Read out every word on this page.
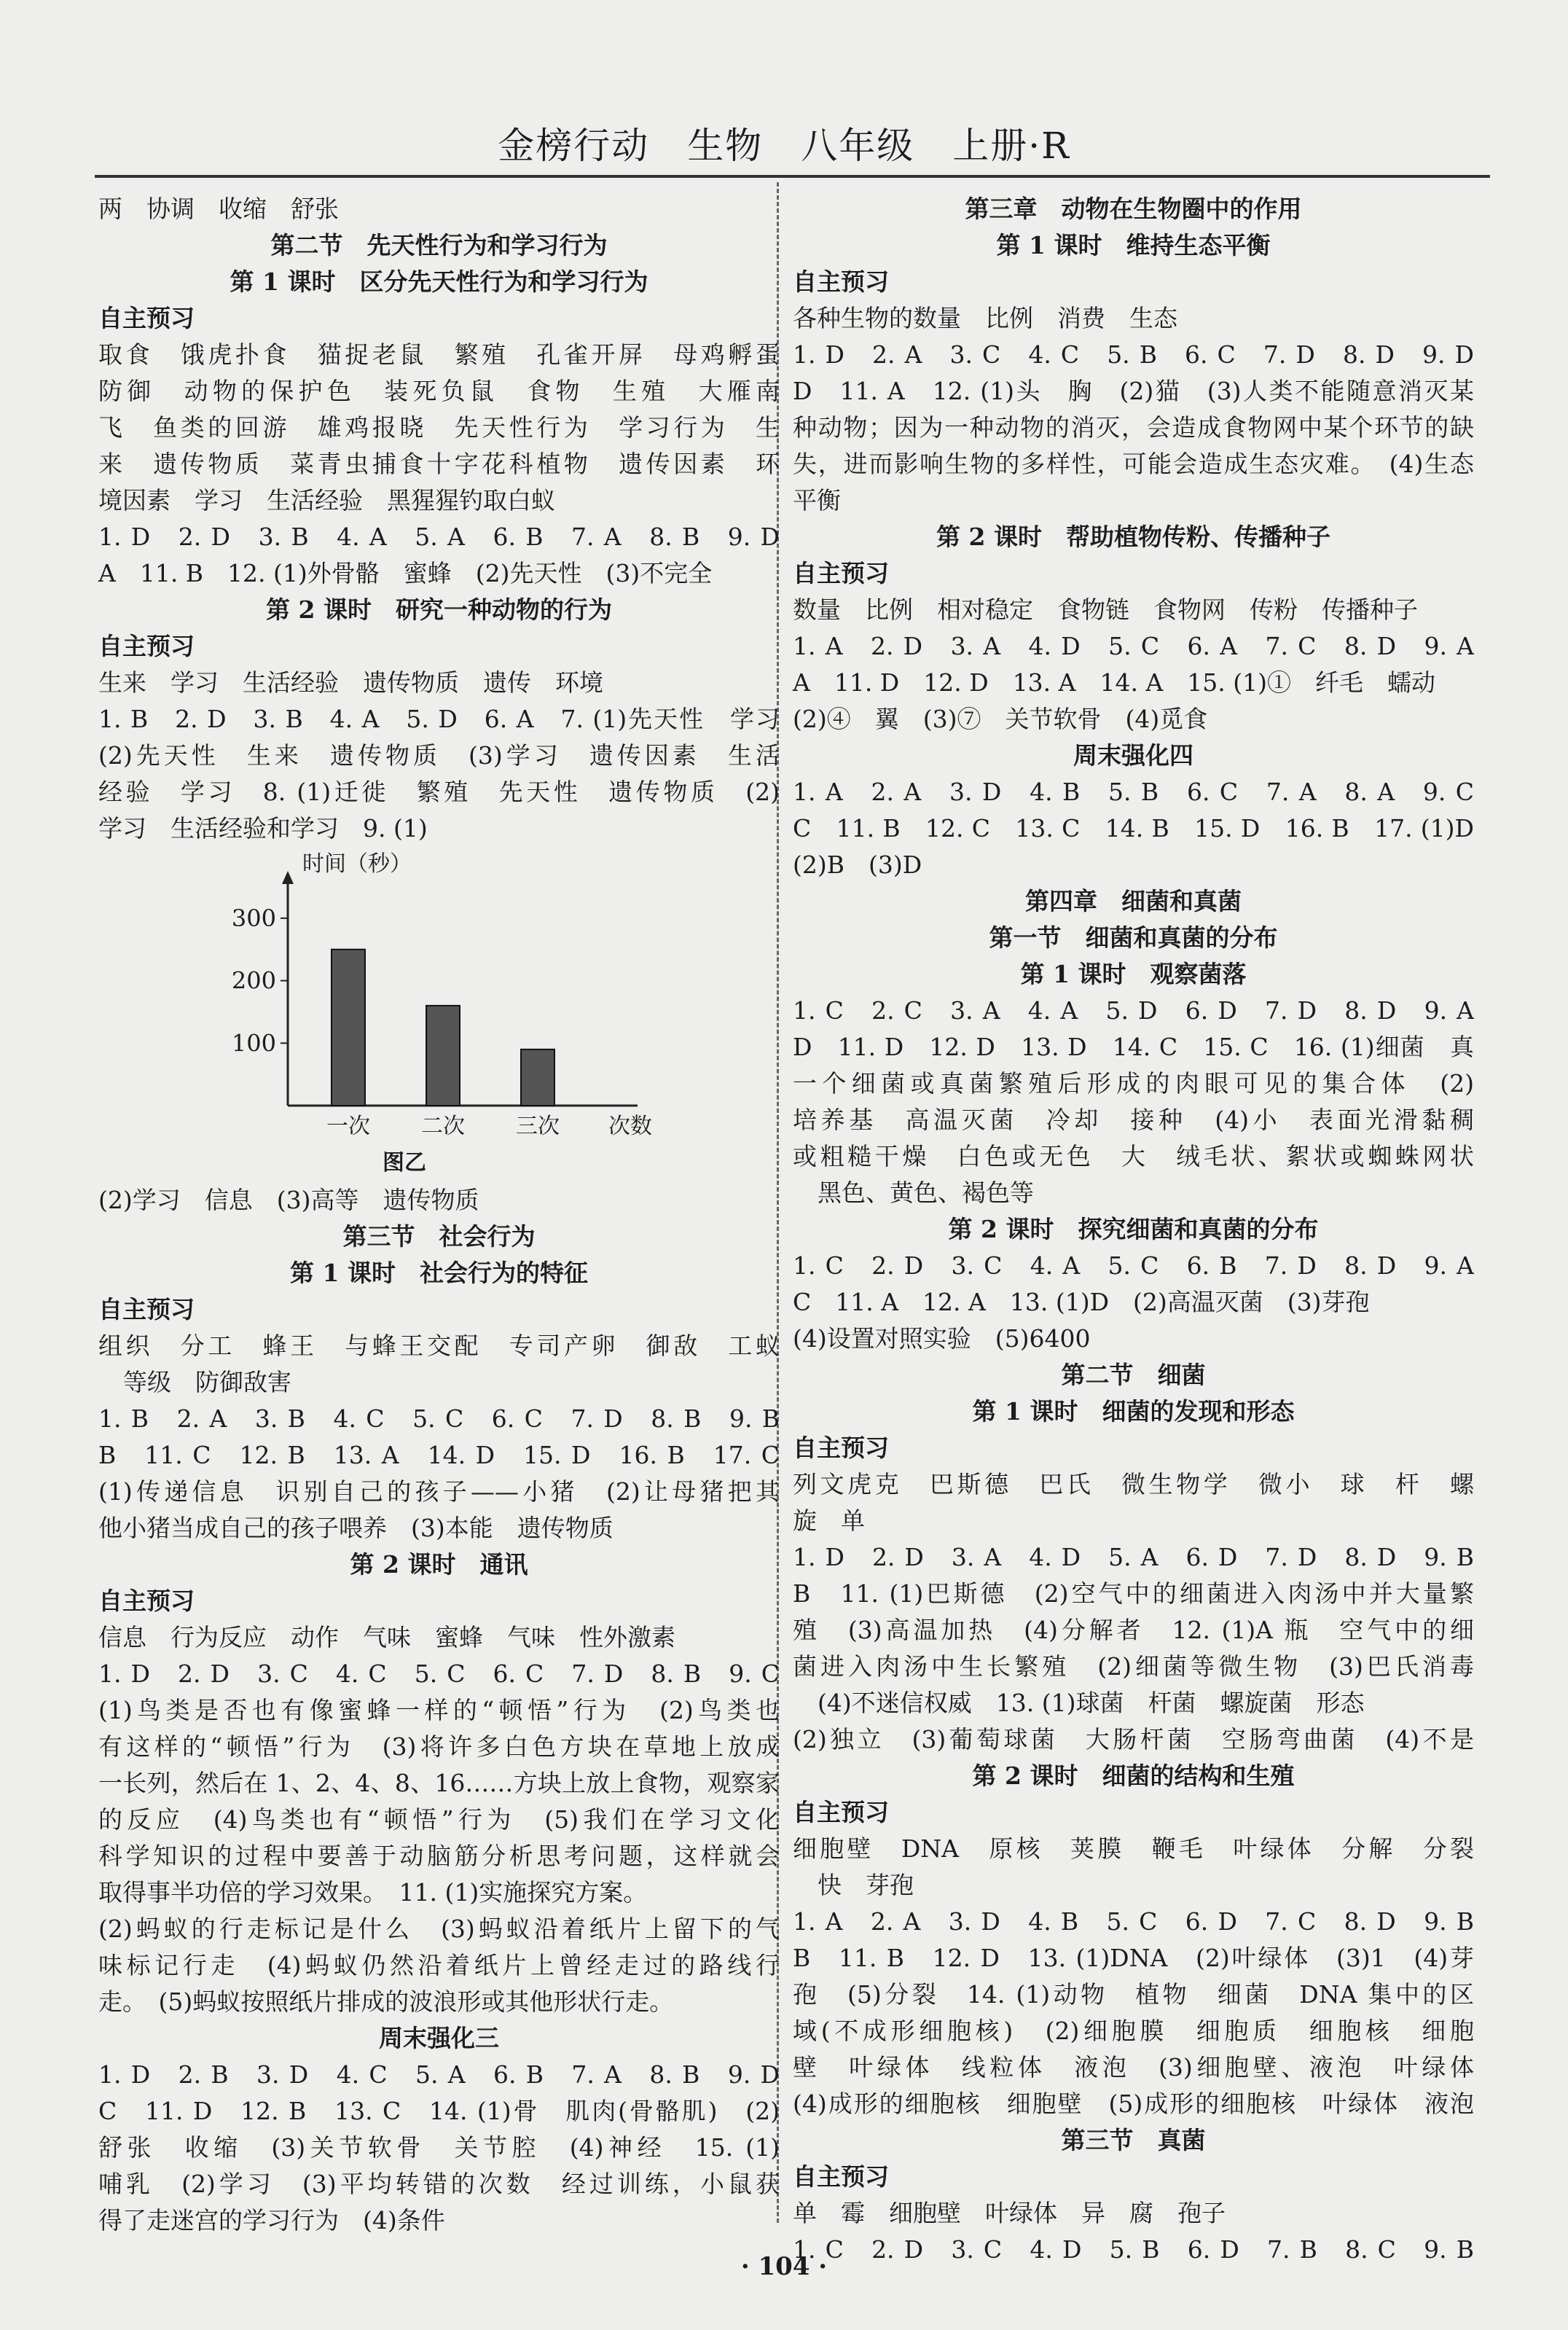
金榜行动　生物　八年级　上册·R
两　协调　收缩　舒张
第二节　先天性行为和学习行为
第 1 课时　区分先天性行为和学习行为
自主预习
取食　饿虎扑食　猫捉老鼠　繁殖　孔雀开屏　母鸡孵蛋
防御　动物的保护色　装死负鼠　食物　生殖　大雁南
飞　鱼类的回游　雄鸡报晓　先天性行为　学习行为　生
来　遗传物质　菜青虫捕食十字花科植物　遗传因素　环
境因素　学习　生活经验　黑猩猩钓取白蚁
1. D　2. D　3. B　4. A　5. A　6. B　7. A　8. B　9. D　
A　11. B　12. (1)外骨骼　蜜蜂　(2)先天性　(3)不完全
第 2 课时　研究一种动物的行为
自主预习
生来　学习　生活经验　遗传物质　遗传　环境
1. B　2. D　3. B　4. A　5. D　6. A　7. (1)先天性　学习
(2)先天性　生来　遗传物质　(3)学习　遗传因素　生活
经验　学习　8. (1)迁徙　繁殖　先天性　遗传物质　(2)
学习　生活经验和学习　9. (1)
100
200
300
时间（秒）
一次 二次 三次 次数
图乙
(2)学习　信息　(3)高等　遗传物质
第三节　社会行为
第 1 课时　社会行为的特征
自主预习
组织　分工　蜂王　与蜂王交配　专司产卵　御敌　工蚁
等级　防御敌害
1. B　2. A　3. B　4. C　5. C　6. C　7. D　8. B　9. B　
B　11. C　12. B　13. A　14. D　15. D　16. B　17. C　
(1)传递信息　识别自己的孩子——小猪　(2)让母猪把其
他小猪当成自己的孩子喂养　(3)本能　遗传物质
第 2 课时　通讯
自主预习
信息　行为反应　动作　气味　蜜蜂　气味　性外激素
1. D　2. D　3. C　4. C　5. C　6. C　7. D　8. B　9. C　
(1)鸟类是否也有像蜜蜂一样的“顿悟”行为　(2)鸟类也
有这样的“顿悟”行为　(3)将许多白色方块在草地上放成
一长列，然后在 1、2、4、8、16……方块上放上食物，观察家
的反应　(4)鸟类也有“顿悟”行为　(5)我们在学习文化
科学知识的过程中要善于动脑筋分析思考问题，这样就会
取得事半功倍的学习效果。　11. (1)实施探究方案。
(2)蚂蚁的行走标记是什么　(3)蚂蚁沿着纸片上留下的气
味标记行走　(4)蚂蚁仍然沿着纸片上曾经走过的路线行
走。　(5)蚂蚁按照纸片排成的波浪形或其他形状行走。
周末强化三
1. D　2. B　3. D　4. C　5. A　6. B　7. A　8. B　9. D　
C　11. D　12. B　13. C　14. (1)骨　肌肉(骨骼肌)　(2)
舒张　收缩　(3)关节软骨　关节腔　(4)神经　15. (1)
哺乳　(2)学习　(3)平均转错的次数　经过训练，小鼠获
得了走迷宫的学习行为　(4)条件
第三章　动物在生物圈中的作用
第 1 课时　维持生态平衡
自主预习
各种生物的数量　比例　消费　生态
1. D　2. A　3. C　4. C　5. B　6. C　7. D　8. D　9. D　
D　11. A　12. (1)头　胸　(2)猫　(3)人类不能随意消灭某
种动物；因为一种动物的消灭，会造成食物网中某个环节的缺
失，进而影响生物的多样性，可能会造成生态灾难。　(4)生态
平衡
第 2 课时　帮助植物传粉、传播种子
自主预习
数量　比例　相对稳定　食物链　食物网　传粉　传播种子
1. A　2. D　3. A　4. D　5. C　6. A　7. C　8. D　9. A　
A　11. D　12. D　13. A　14. A　15. (1)①　纤毛　蠕动
(2)④　翼　(3)⑦　关节软骨　(4)觅食
周末强化四
1. A　2. A　3. D　4. B　5. B　6. C　7. A　8. A　9. C　
C　11. B　12. C　13. C　14. B　15. D　16. B　17. (1)D
(2)B　(3)D
第四章　细菌和真菌
第一节　细菌和真菌的分布
第 1 课时　观察菌落
1. C　2. C　3. A　4. A　5. D　6. D　7. D　8. D　9. A　
D　11. D　12. D　13. D　14. C　15. C　16. (1)细菌　真
一个细菌或真菌繁殖后形成的肉眼可见的集合体　(2)
培养基　高温灭菌　冷却　接种　(4)小　表面光滑黏稠
或粗糙干燥　白色或无色　大　绒毛状、絮状或蜘蛛网状
黑色、黄色、褐色等
第 2 课时　探究细菌和真菌的分布
1. C　2. D　3. C　4. A　5. C　6. B　7. D　8. D　9. A　
C　11. A　12. A　13. (1)D　(2)高温灭菌　(3)芽孢
(4)设置对照实验　(5)6400
第二节　细菌
第 1 课时　细菌的发现和形态
自主预习
列文虎克　巴斯德　巴氏　微生物学　微小　球　杆　螺
旋　单
1. D　2. D　3. A　4. D　5. A　6. D　7. D　8. D　9. B　
B　11. (1)巴斯德　(2)空气中的细菌进入肉汤中并大量繁
殖　(3)高温加热　(4)分解者　12. (1)A 瓶　空气中的细
菌进入肉汤中生长繁殖　(2)细菌等微生物　(3)巴氏消毒
(4)不迷信权威　13. (1)球菌　杆菌　螺旋菌　形态
(2)独立　(3)葡萄球菌　大肠杆菌　空肠弯曲菌　(4)不是
第 2 课时　细菌的结构和生殖
自主预习
细胞壁　DNA　原核　荚膜　鞭毛　叶绿体　分解　分裂
快　芽孢
1. A　2. A　3. D　4. B　5. C　6. D　7. C　8. D　9. B　
B　11. B　12. D　13. (1)DNA　(2)叶绿体　(3)1　(4)芽
孢　(5)分裂　14. (1)动物　植物　细菌　DNA 集中的区
域(不成形细胞核)　(2)细胞膜　细胞质　细胞核　细胞
壁　叶绿体　线粒体　液泡　(3)细胞壁、液泡　叶绿体
(4)成形的细胞核　细胞壁　(5)成形的细胞核　叶绿体　液泡
第三节　真菌
自主预习
单　霉　细胞壁　叶绿体　异　腐　孢子
1. C　2. D　3. C　4. D　5. B　6. D　7. B　8. C　9. B　
· 104 ·
